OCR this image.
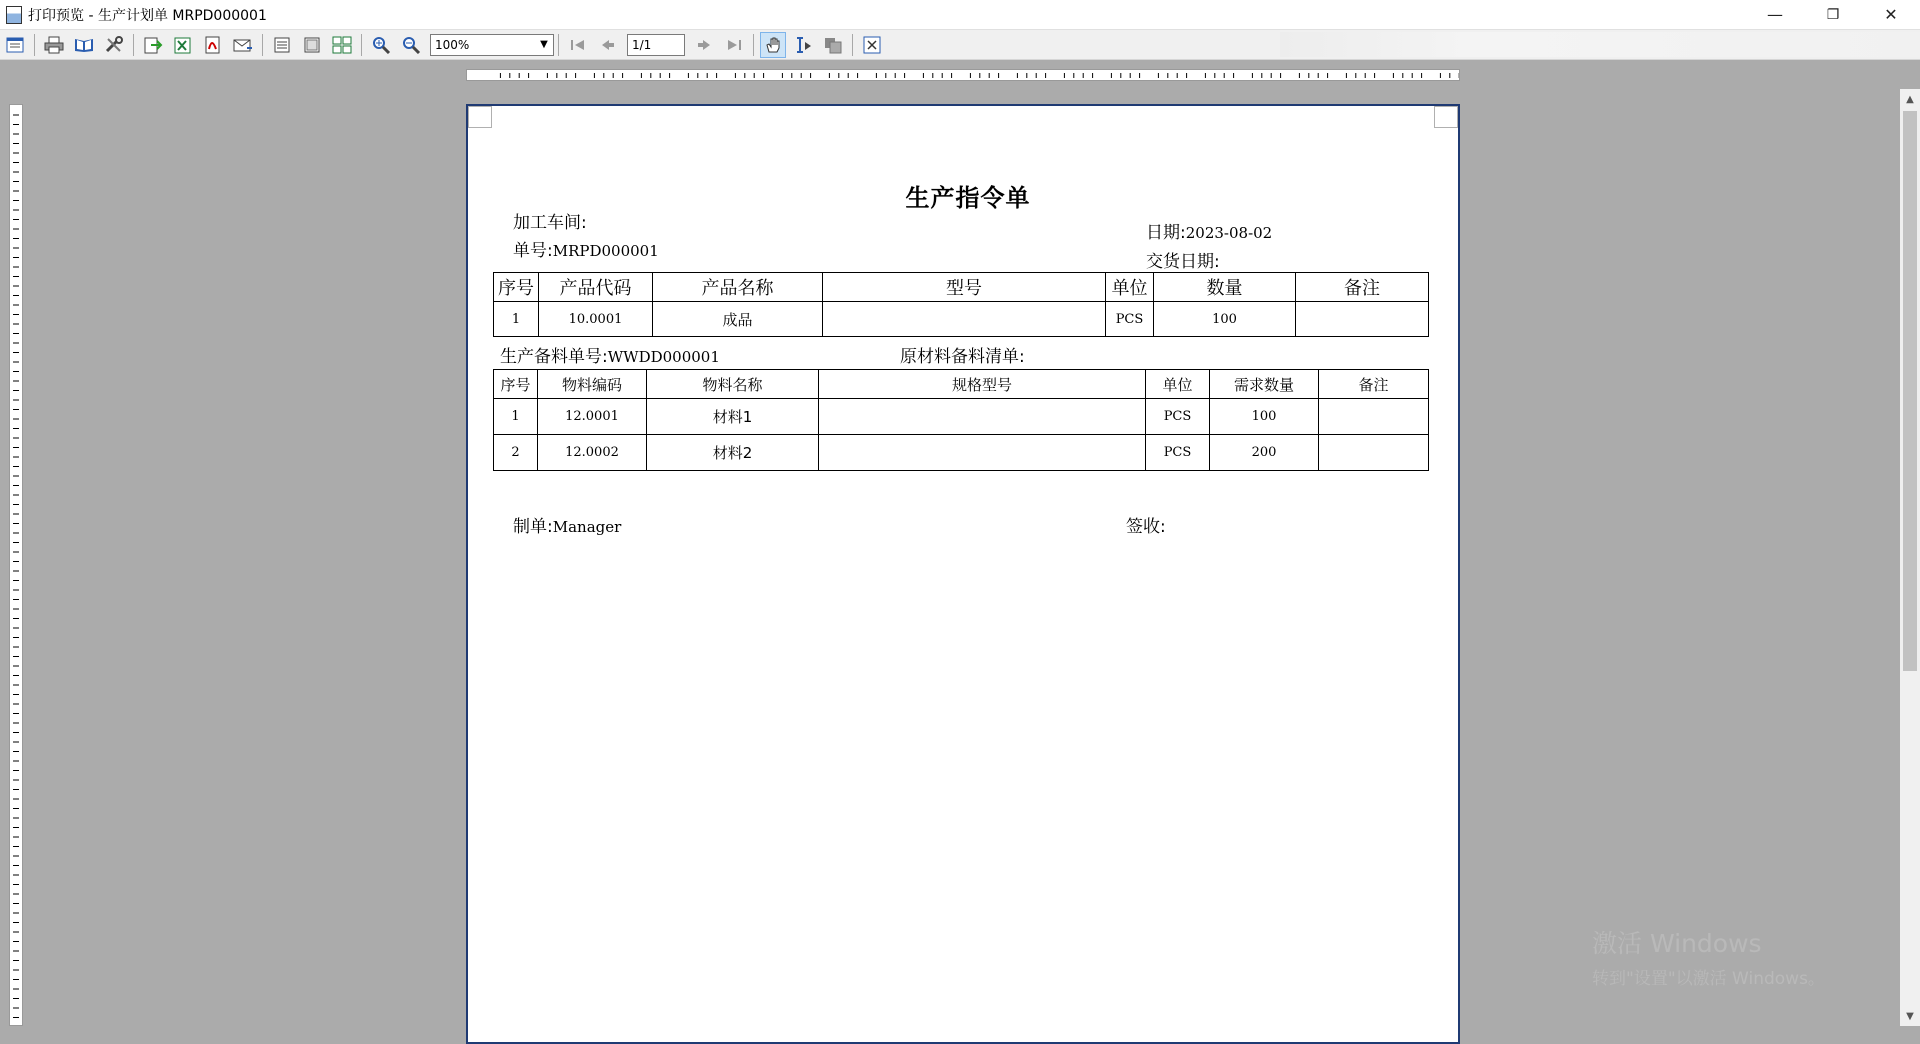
打印预览 - 生产计划单 MRPD000001	—	❐	✕
100%	▼	1/1
▲
▼
生产指令单
加工车间:
单号:MRPD000001
日期:2023-08-02
交货日期:
序号	产品代码	产品名称	型号	单位	数量	备注
1	10.0001	成品		PCS	100	
生产备料单号:WWDD000001	原材料备料清单:
序号	物料编码	物料名称	规格型号	单位	需求数量	备注
1	12.0001	材料1		PCS	100	
2	12.0002	材料2		PCS	200	
制单:Manager	签收:
激活 Windows
转到"设置"以激活 Windows。
